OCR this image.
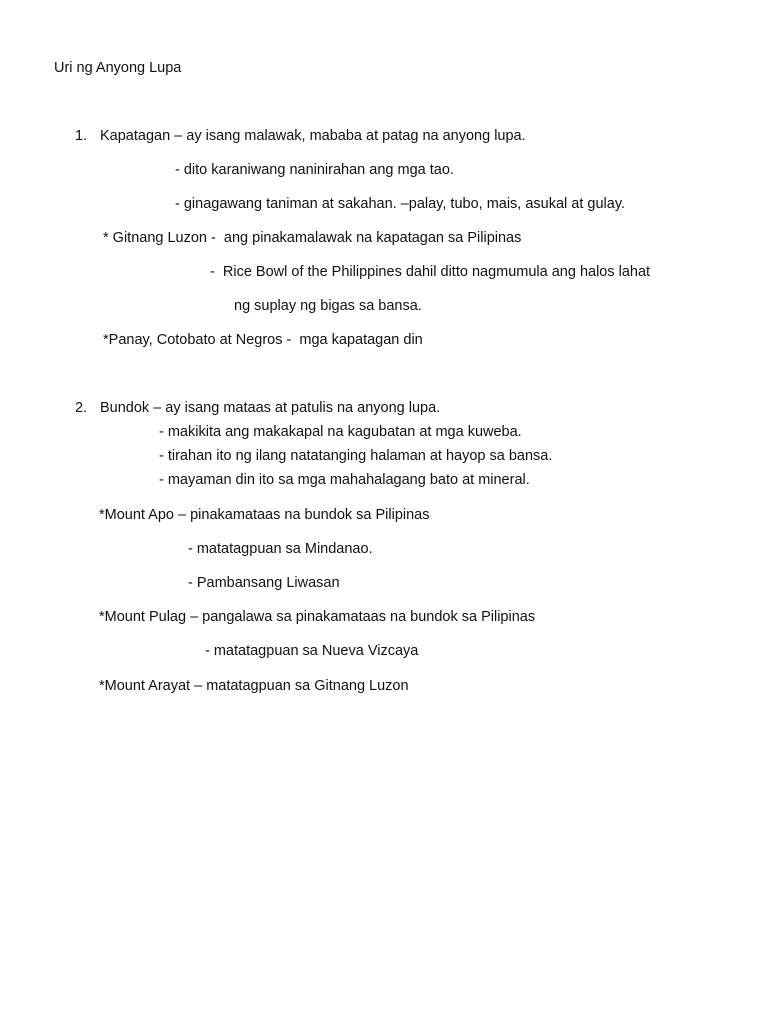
Uri ng Anyong Lupa
1. Kapatagan – ay isang malawak, mababa at patag na anyong lupa.
- dito karaniwang naninirahan ang mga tao.
- ginagawang taniman at sakahan. –palay, tubo, mais, asukal at gulay.
* Gitnang Luzon -  ang pinakamalawak na kapatagan sa Pilipinas
-  Rice Bowl of the Philippines dahil ditto nagmumula ang halos lahat
ng suplay ng bigas sa bansa.
*Panay, Cotobato at Negros -  mga kapatagan din
2. Bundok – ay isang mataas at patulis na anyong lupa.
- makikita ang makakapal na kagubatan at mga kuweba.
- tirahan ito ng ilang natatanging halaman at hayop sa bansa.
- mayaman din ito sa mga mahahalagang bato at mineral.
*Mount Apo – pinakamataas na bundok sa Pilipinas
- matatagpuan sa Mindanao.
- Pambansang Liwasan
*Mount Pulag – pangalawa sa pinakamataas na bundok sa Pilipinas
- matatagpuan sa Nueva Vizcaya
*Mount Arayat – matatagpuan sa Gitnang Luzon
